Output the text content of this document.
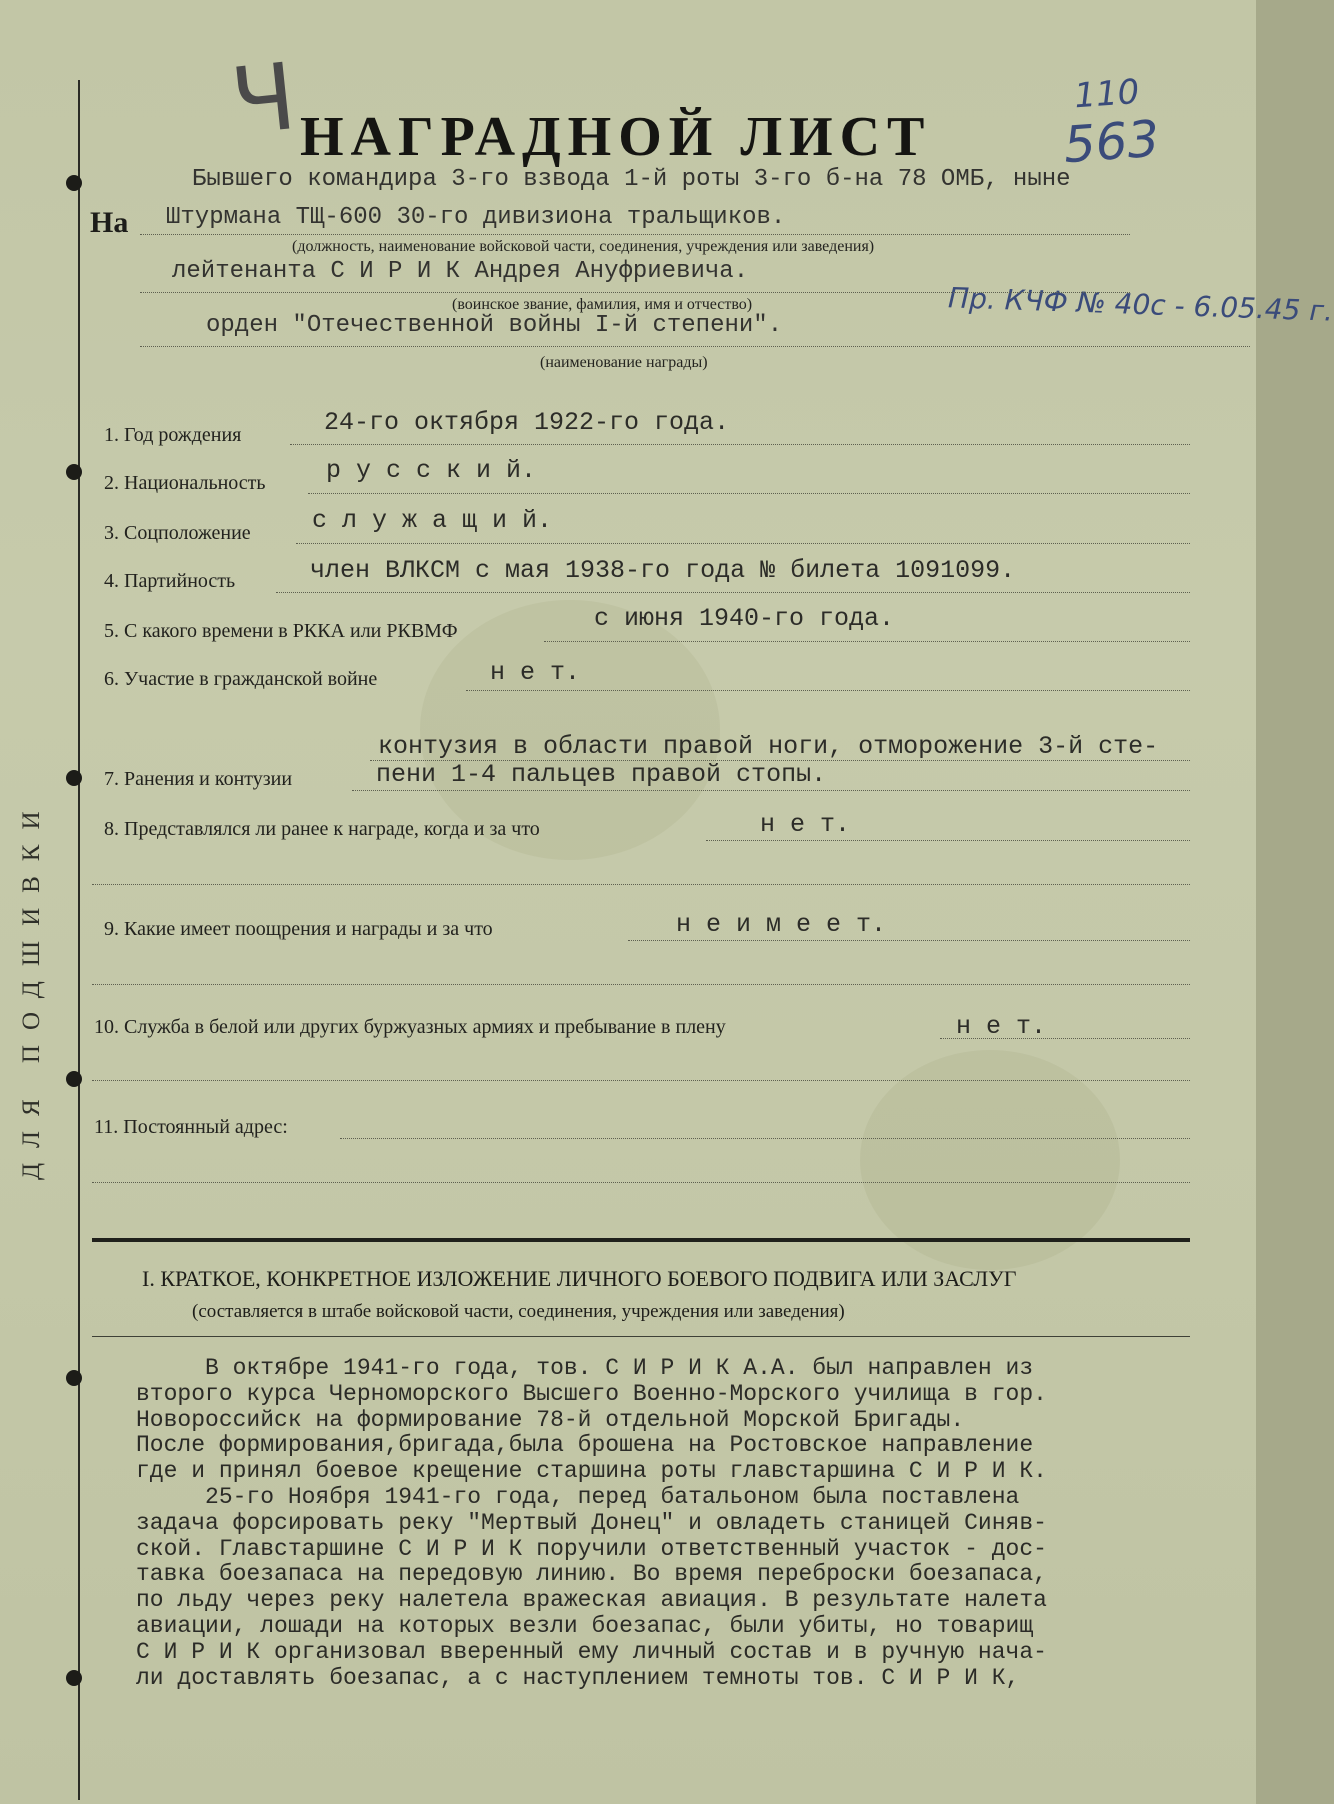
ДЛЯ ПОДШИВКИ
Ч	110
563
Пр. КЧФ № 40с - 6.05.45 г.
НАГРАДНОЙ ЛИСТ
Бывшего командира 3-го взвода 1-й роты 3-го б-на 78 ОМБ, ныне
На Штурмана ТЩ-600 30-го дивизиона тральщиков.
(должность, наименование войсковой части, соединения, учреждения или заведения)
лейтенанта С И Р И К Андрея Ануфриевича.
(воинское звание, фамилия, имя и отчество)
орден "Отечественной войны I-й степени".
(наименование награды)
1. Год рождения	24-го октября 1922-го года.
2. Национальность р у с с к и й.
3. Соцположение с л у ж а щ и й.
4. Партийность	член ВЛКСМ с мая 1938-го года № билета 1091099.
5. С какого времени в РККА или РКВМФ	с июня 1940-го года.
6. Участие в гражданской войне	н е т.
7. Ранения и контузии
контузия в области правой ноги, отморожение 3-й сте-
пени 1-4 пальцев правой стопы.
8. Представлялся ли ранее к награде, когда и за что	н е т.
9. Какие имеет поощрения и награды и за что	н е и м е е т.
10. Служба в белой или других буржуазных армиях и пребывание в плену	н е т.
11. Постоянный адрес:
I. КРАТКОЕ, КОНКРЕТНОЕ ИЗЛОЖЕНИЕ ЛИЧНОГО БОЕВОГО ПОДВИГА ИЛИ ЗАСЛУГ
(составляется в штабе войсковой части, соединения, учреждения или заведения)
В октябре 1941-го года, тов. С И Р И К А.А. был направлен из
второго курса Черноморского Высшего Военно-Морского училища в гор.
Новороссийск на формирование 78-й отдельной Морской Бригады.
После формирования,бригада,была брошена на Ростовское направление
где и принял боевое крещение старшина роты главстаршина С И Р И К.
25-го Ноября 1941-го года, перед батальоном была поставлена
задача форсировать реку "Мертвый Донец" и овладеть станицей Синяв-
ской. Главстаршине С И Р И К поручили ответственный участок - дос-
тавка боезапаса на передовую линию. Во время переброски боезапаса,
по льду через реку налетела вражеская авиация. В результате налета
авиации, лошади на которых везли боезапас, были убиты, но товарищ
С И Р И К организовал вверенный ему личный состав и в ручную нача-
ли доставлять боезапас, а с наступлением темноты тов. С И Р И К,
